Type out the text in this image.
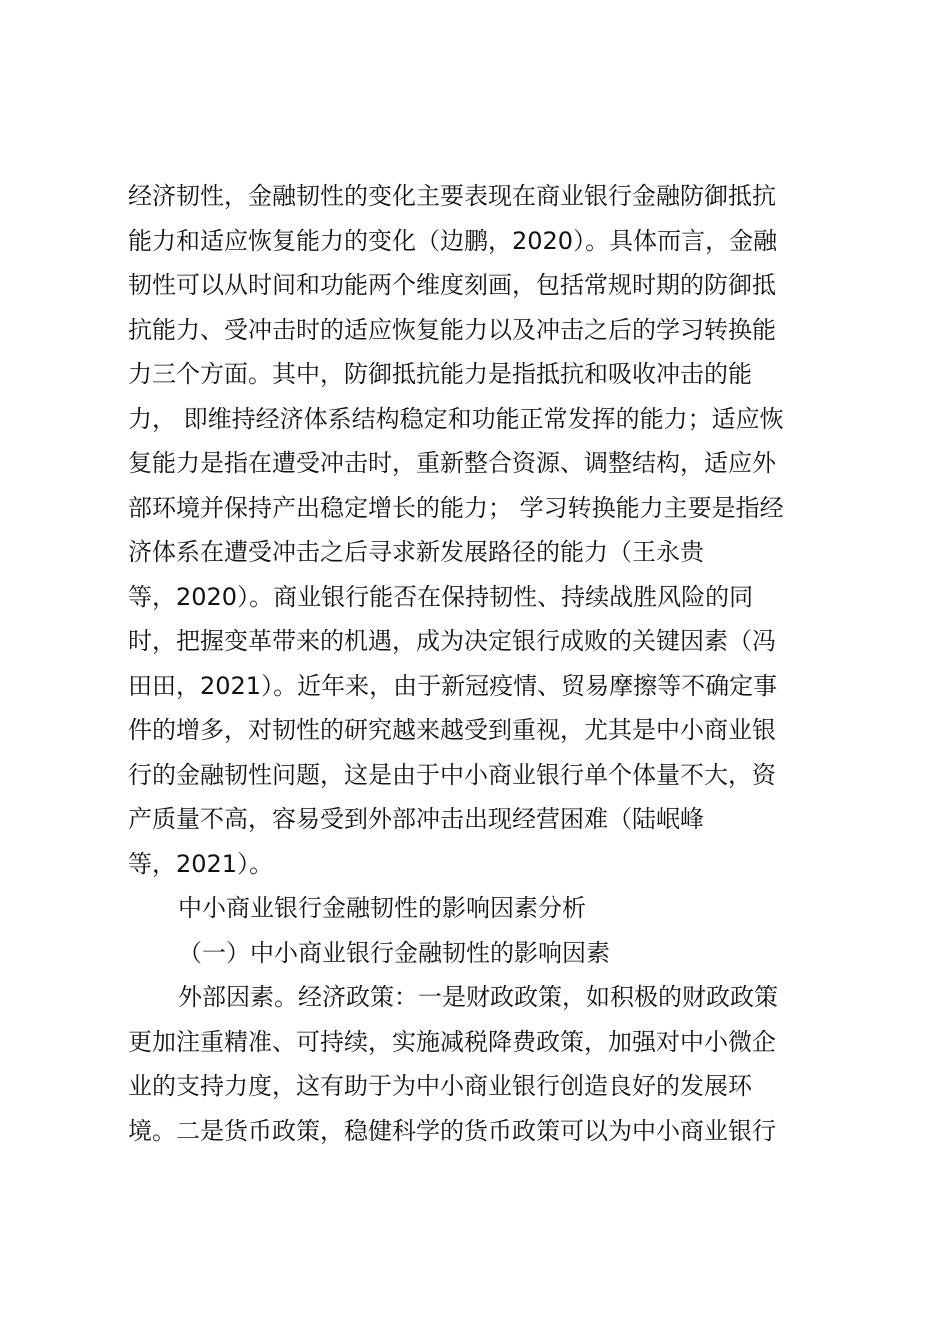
经济韧性，金融韧性的变化主要表现在商业银行金融防御抵抗
能力和适应恢复能力的变化（边鹏，2020）。具体而言，金融
韧性可以从时间和功能两个维度刻画，包括常规时期的防御抵
抗能力、受冲击时的适应恢复能力以及冲击之后的学习转换能
力三个方面。其中，防御抵抗能力是指抵抗和吸收冲击的能
力， 即维持经济体系结构稳定和功能正常发挥的能力；适应恢
复能力是指在遭受冲击时，重新整合资源、调整结构，适应外
部环境并保持产出稳定增长的能力； 学习转换能力主要是指经
济体系在遭受冲击之后寻求新发展路径的能力（王永贵
等，2020）。商业银行能否在保持韧性、持续战胜风险的同
时，把握变革带来的机遇，成为决定银行成败的关键因素（冯
田田，2021）。近年来，由于新冠疫情、贸易摩擦等不确定事
件的增多，对韧性的研究越来越受到重视，尤其是中小商业银
行的金融韧性问题，这是由于中小商业银行单个体量不大，资
产质量不高，容易受到外部冲击出现经营困难（陆岷峰
等，2021）。
中小商业银行金融韧性的影响因素分析
（一）中小商业银行金融韧性的影响因素
外部因素。经济政策：一是财政政策，如积极的财政政策
更加注重精准、可持续，实施减税降费政策，加强对中小微企
业的支持力度，这有助于为中小商业银行创造良好的发展环
境。二是货币政策，稳健科学的货币政策可以为中小商业银行
